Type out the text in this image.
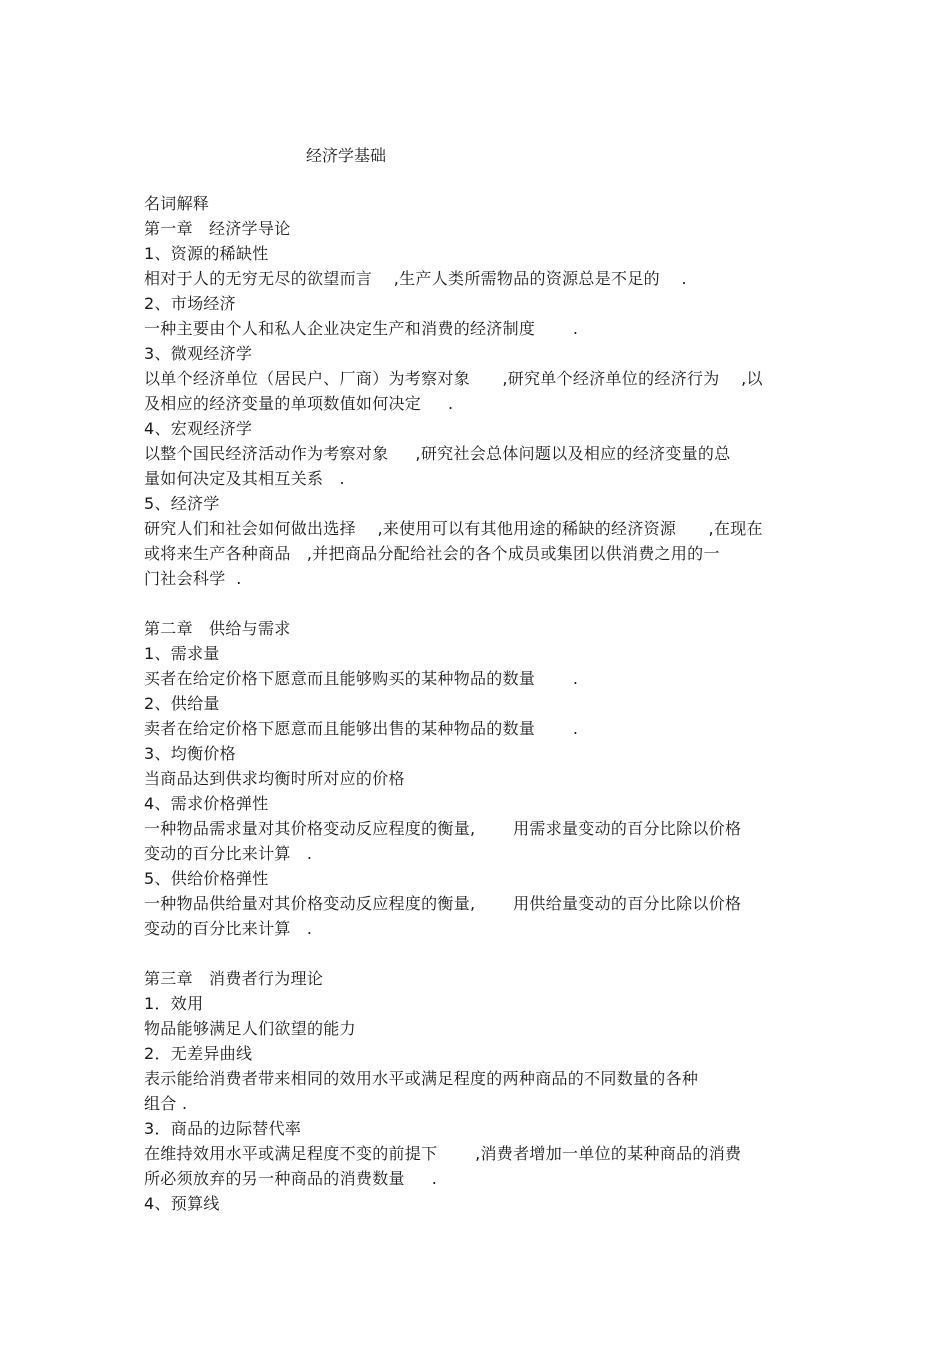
经济学基础
名词解释
第一章   经济学导论
1、资源的稀缺性
相对于人的无穷无尽的欲望而言    ,生产人类所需物品的资源总是不足的    .
2、市场经济
一种主要由个人和私人企业决定生产和消费的经济制度       .
3、微观经济学
以单个经济单位（居民户、厂商）为考察对象      ,研究单个经济单位的经济行为    ,以
及相应的经济变量的单项数值如何决定     .
4、宏观经济学
以整个国民经济活动作为考察对象     ,研究社会总体问题以及相应的经济变量的总
量如何决定及其相互关系   .
5、经济学
研究人们和社会如何做出选择    ,来使用可以有其他用途的稀缺的经济资源      ,在现在
或将来生产各种商品   ,并把商品分配给社会的各个成员或集团以供消费之用的一
门社会科学  .
第二章   供给与需求
1、需求量
买者在给定价格下愿意而且能够购买的某种物品的数量       .
2、供给量
卖者在给定价格下愿意而且能够出售的某种物品的数量       .
3、均衡价格
当商品达到供求均衡时所对应的价格
4、需求价格弹性
一种物品需求量对其价格变动反应程度的衡量,       用需求量变动的百分比除以价格
变动的百分比来计算   .
5、供给价格弹性
一种物品供给量对其价格变动反应程度的衡量,       用供给量变动的百分比除以价格
变动的百分比来计算   .
第三章   消费者行为理论
1．效用
物品能够满足人们欲望的能力
2．无差异曲线
表示能给消费者带来相同的效用水平或满足程度的两种商品的不同数量的各种
组合 .
3．商品的边际替代率
在维持效用水平或满足程度不变的前提下       ,消费者增加一单位的某种商品的消费
所必须放弃的另一种商品的消费数量     .
4、预算线
